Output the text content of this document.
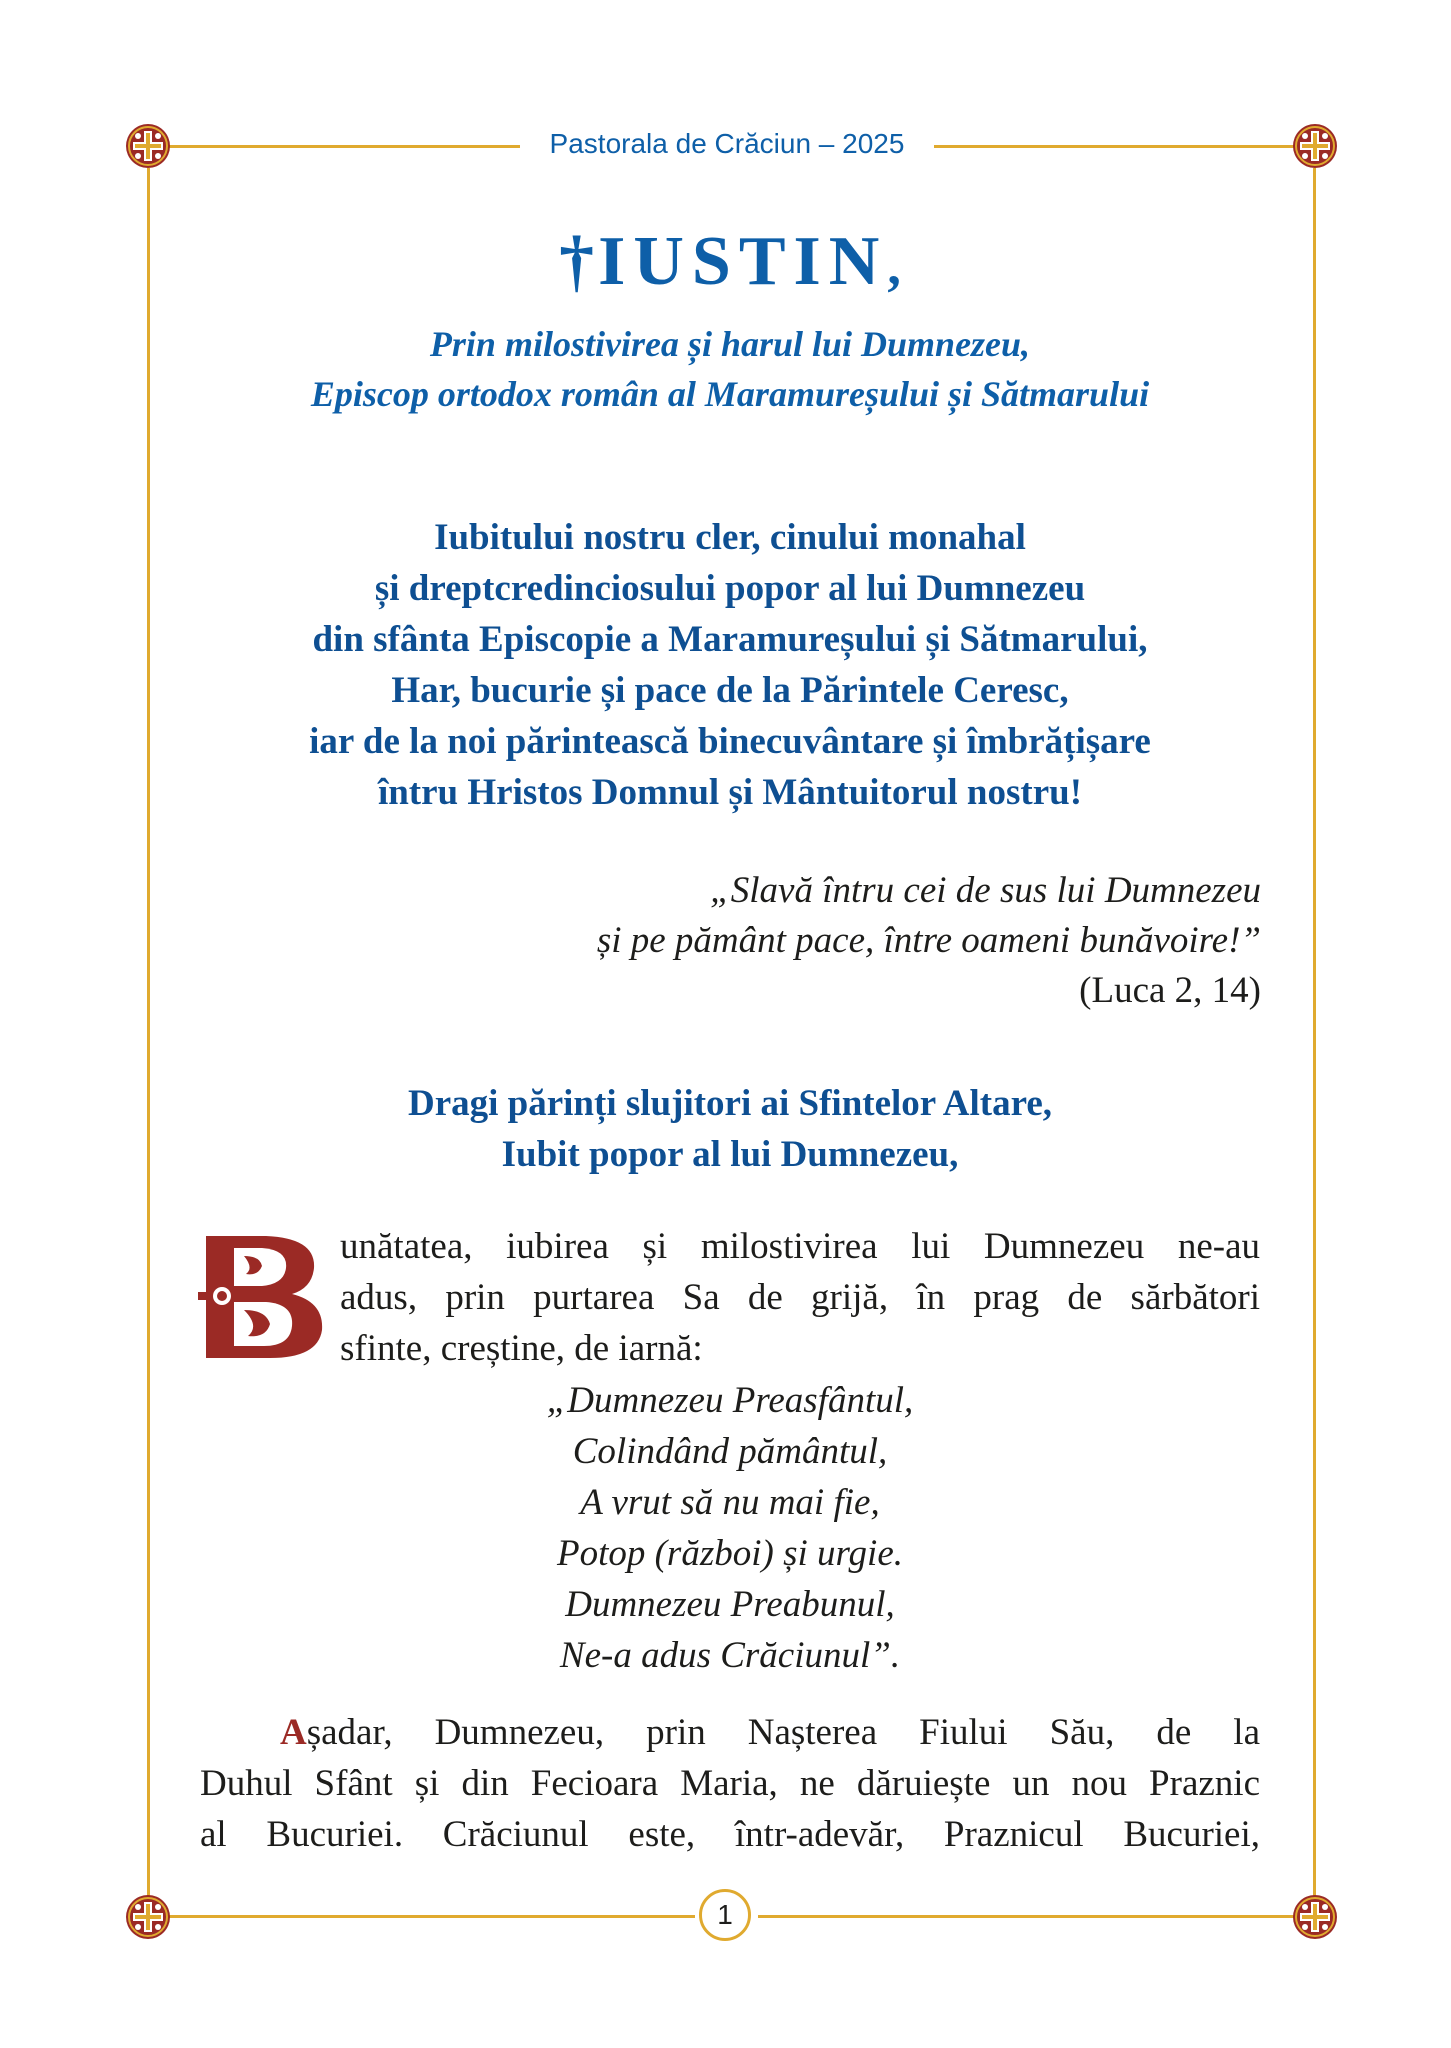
Pastorala de Crăciun – 2025
†IUSTIN,
Prin milostivirea și harul lui Dumnezeu,
Episcop ortodox român al Maramureșului și Sătmarului
Iubitului nostru cler, cinului monahal
și dreptcredinciosului popor al lui Dumnezeu
din sfânta Episcopie a Maramureșului și Sătmarului,
Har, bucurie și pace de la Părintele Ceresc,
iar de la noi părintească binecuvântare și îmbrățișare
întru Hristos Domnul și Mântuitorul nostru!
„Slavă întru cei de sus lui Dumnezeu
și pe pământ pace, între oameni bunăvoire!”
(Luca 2, 14)
Dragi părinți slujitori ai Sfintelor Altare,
Iubit popor al lui Dumnezeu,
unătatea, iubirea și milostivirea lui Dumnezeu ne-au
adus, prin purtarea Sa de grijă, în prag de sărbători
sfinte, creștine, de iarnă:
„Dumnezeu Preasfântul,
Colindând pământul,
A vrut să nu mai fie,
Potop (război) și urgie.
Dumnezeu Preabunul,
Ne-a adus Crăciunul”.
Așadar, Dumnezeu, prin Nașterea Fiului Său, de la
Duhul Sfânt și din Fecioara Maria, ne dăruiește un nou Praznic
al Bucuriei. Crăciunul este, într-adevăr, Praznicul Bucuriei,
1
